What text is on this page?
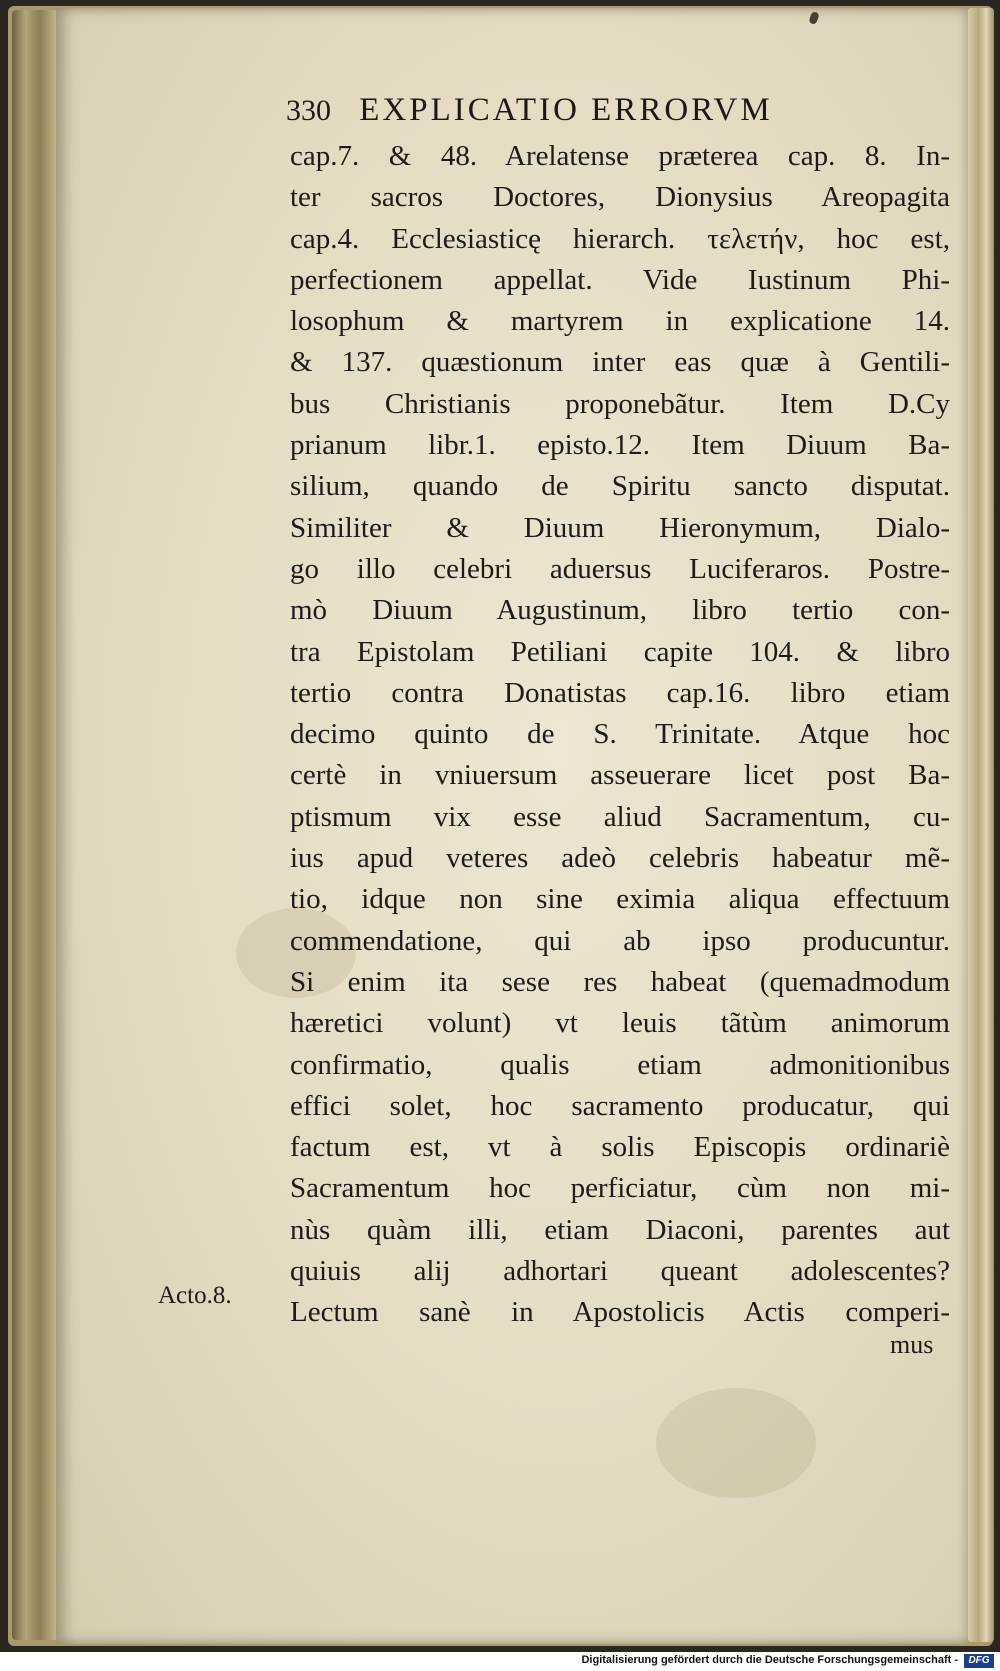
330 EXPLICATIO ERRORVM
cap.7. & 48. Arelatense præterea cap. 8. In-
ter sacros Doctores, Dionysius Areopagita
cap.4. Ecclesiasticę hierarch. τελετήν, hoc est,
perfectionem appellat. Vide Iustinum Phi-
losophum & martyrem in explicatione 14.
& 137. quæstionum inter eas quæ à Gentili-
bus Christianis proponebãtur. Item D.Cy
prianum libr.1. episto.12. Item Diuum Ba-
silium, quando de Spiritu sancto disputat.
Similiter & Diuum Hieronymum, Dialo-
go illo celebri aduersus Luciferaros. Postre-
mò Diuum Augustinum, libro tertio con-
tra Epistolam Petiliani capite 104. & libro
tertio contra Donatistas cap.16. libro etiam
decimo quinto de S. Trinitate. Atque hoc
certè in vniuersum asseuerare licet post Ba-
ptismum vix esse aliud Sacramentum, cu-
ius apud veteres adeò celebris habeatur mẽ-
tio, idque non sine eximia aliqua effectuum
commendatione, qui ab ipso producuntur.
Si enim ita sese res habeat (quemadmodum
hæretici volunt) vt leuis tãtùm animorum
confirmatio, qualis etiam admonitionibus
effici solet, hoc sacramento producatur, qui
factum est, vt à solis Episcopis ordinariè
Sacramentum hoc perficiatur, cùm non mi-
nùs quàm illi, etiam Diaconi, parentes aut
quiuis alij adhortari queant adolescentes?
Lectum sanè in Apostolicis Actis comperi-
Acto.8.
mus
Digitalisierung gefördert durch die Deutsche Forschungsgemeinschaft -	DFG
